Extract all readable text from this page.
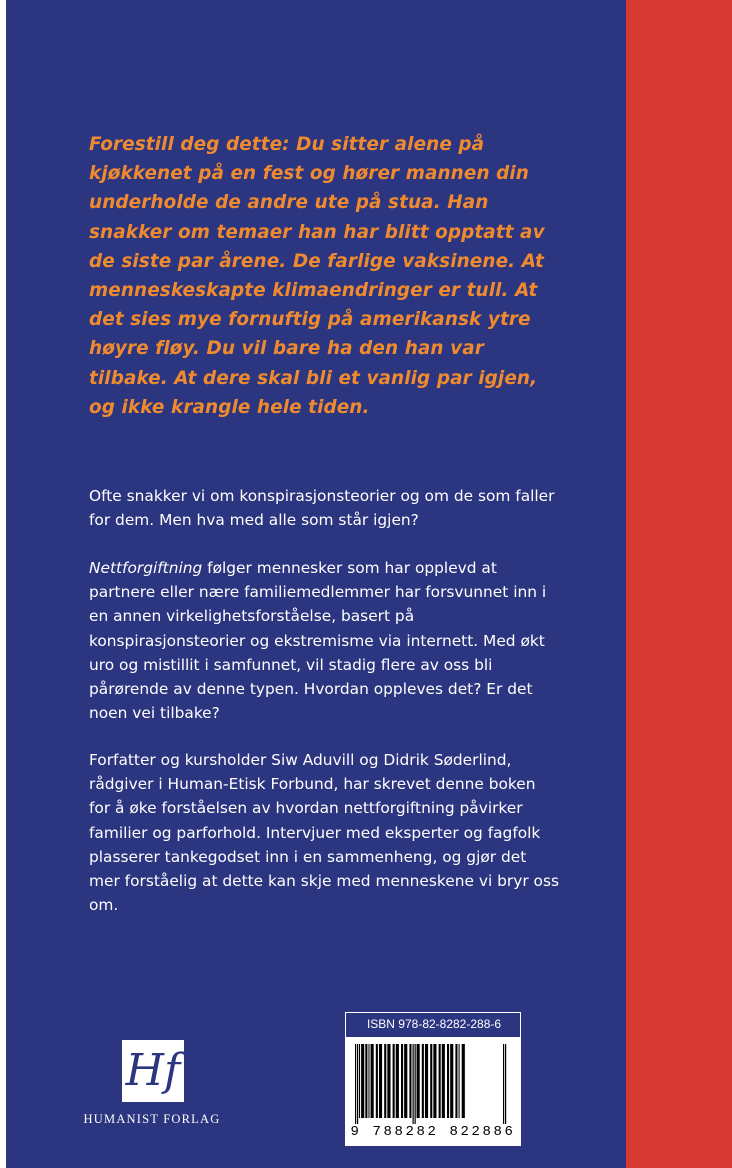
Forestill deg dette: Du sitter alene på kjøkkenet på en fest og hører mannen din underholde de andre ute på stua. Han snakker om temaer han har blitt opptatt av de siste par årene. De farlige vaksinene. At menneskeskapte klimaendringer er tull. At det sies mye fornuftig på amerikansk ytre høyre fløy. Du vil bare ha den han var tilbake. At dere skal bli et vanlig par igjen, og ikke krangle hele tiden.

Ofte snakker vi om konspirasjonsteorier og om de som faller for dem. Men hva med alle som står igjen?

Nettforgiftning følger mennesker som har opplevd at partnere eller nære familiemedlemmer har forsvunnet inn i en annen virkelighetsforståelse, basert på konspirasjonsteorier og ekstremisme via internett. Med økt uro og mistillit i samfunnet, vil stadig flere av oss bli pårørende av denne typen. Hvordan oppleves det? Er det noen vei tilbake?

Forfatter og kursholder Siw Aduvill og Didrik Søderlind, rådgiver i Human-Etisk Forbund, har skrevet denne boken for å øke forståelsen av hvordan nettforgiftning påvirker familier og parforhold. Intervjuer med eksperter og fagfolk plasserer tankegodset inn i en sammenheng, og gjør det mer forståelig at dette kan skje med menneskene vi bryr oss om.

Hf
HUMANIST FORLAG
ISBN 978-82-8282-288-6
9 788282 822886
